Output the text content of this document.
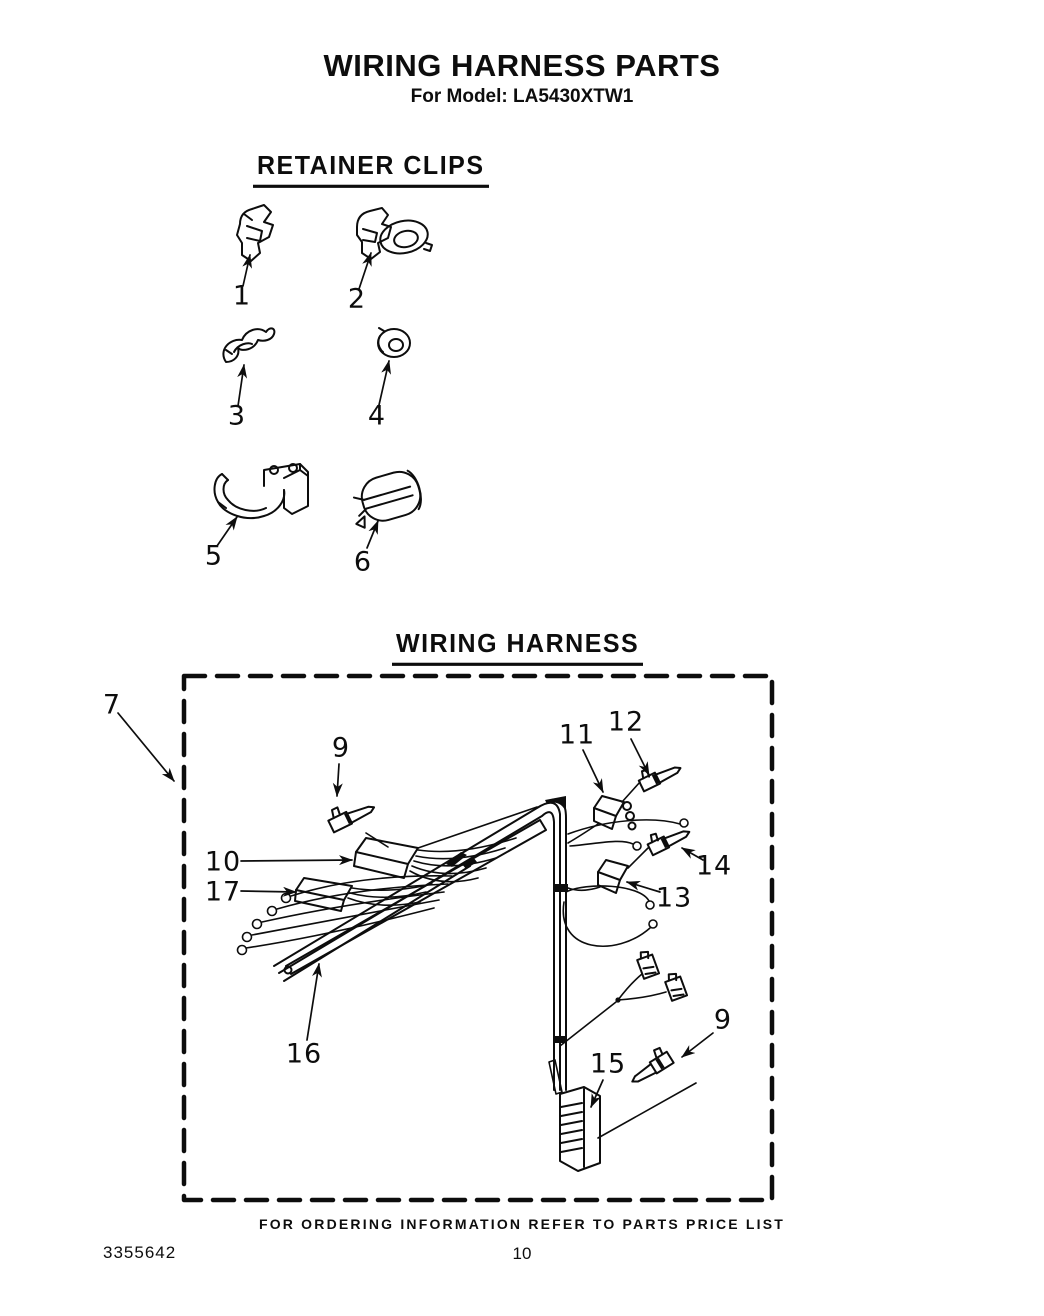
WIRING HARNESS PARTS
For Model: LA5430XTW1
RETAINER CLIPS
WIRING HARNESS
1	2
3	4
5	6
7
9
10
17
11 12
14
13
16	15
9
FOR ORDERING INFORMATION REFER TO PARTS PRICE LIST
3355642	10
